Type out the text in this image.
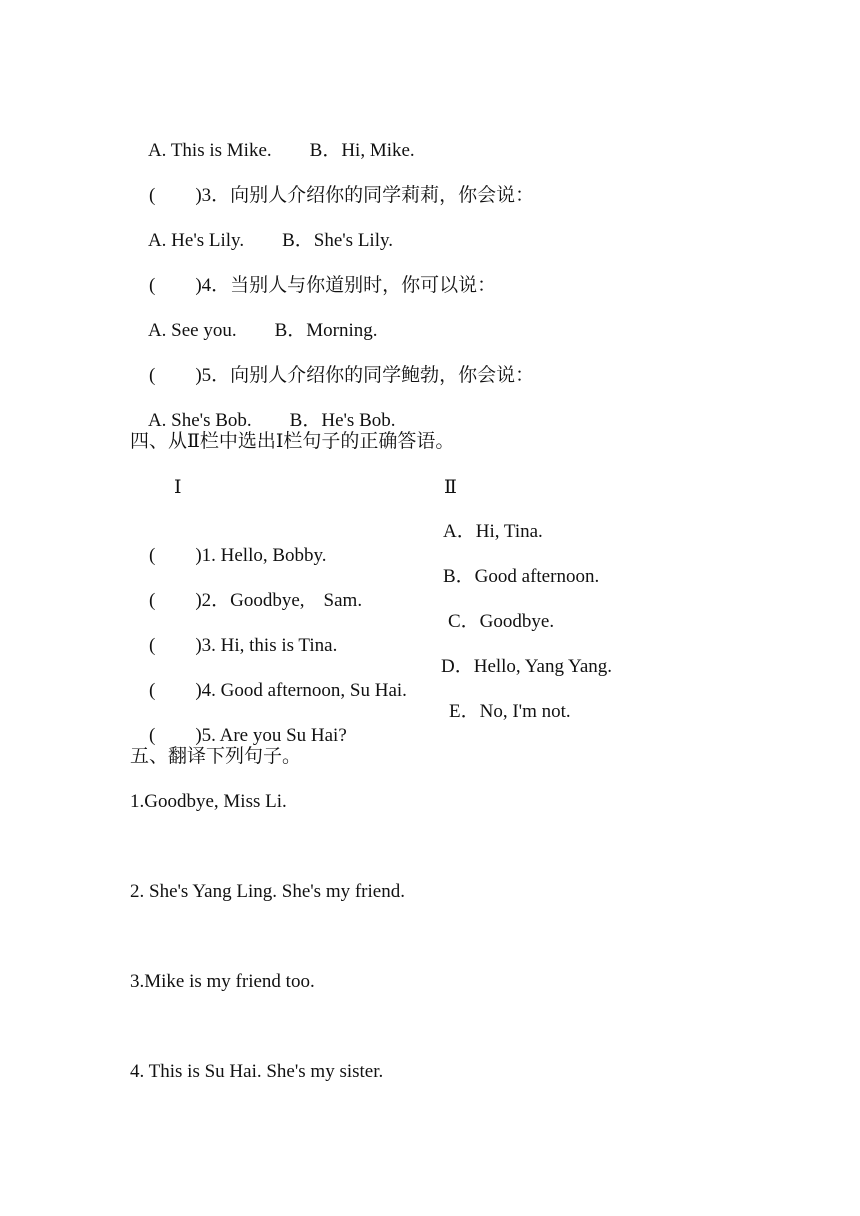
A. This is Mike. B．Hi, Mike.

( )3．向别人介绍你的同学莉莉，你会说：

A. He's Lily. B．She's Lily.

( )4．当别人与你道别时，你可以说：

A. See you. B．Morning.

( )5．向别人介绍你的同学鲍勃，你会说：

A. She's Bob. B．He's Bob.

四、从Ⅱ栏中选出Ⅰ栏句子的正确答语。
Ⅰ	Ⅱ

( )1. Hello, Bobby.

A．Hi, Tina.

( )2．Goodbye,    Sam.

B．Good afternoon.

( )3. Hi, this is Tina.

C．Goodbye.

( )4. Good afternoon, Su Hai.

D．Hello, Yang Yang.

( )5. Are you Su Hai?

E．No, I'm not.
五、翻译下列句子。
1.Goodbye, Miss Li.
2. She's Yang Ling. She's my friend.
3.Mike is my friend too.
4. This is Su Hai. She's my sister.
